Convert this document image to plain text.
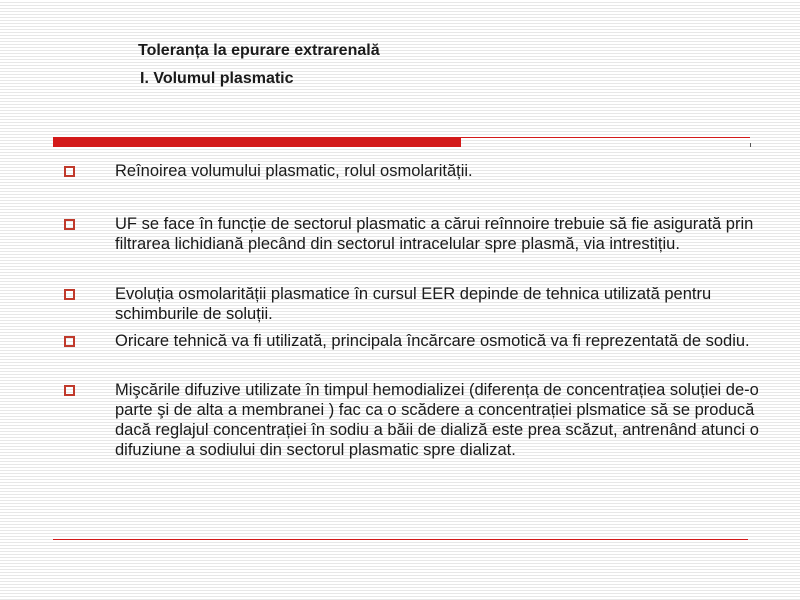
Toleranța la epurare extrarenală
I. Volumul plasmatic
Reînoirea volumului plasmatic, rolul osmolarității.
UF se face în funcție de sectorul plasmatic a cărui reînnoire trebuie să fie asigurată prin filtrarea lichidiană plecând din sectorul intracelular spre plasmă, via intrestițiu.
Evoluția osmolarității plasmatice în cursul EER depinde de tehnica utilizată pentru schimburile de soluții.
Oricare tehnică va fi utilizată, principala încărcare osmotică va fi reprezentată de sodiu.
Mişcările difuzive utilizate în timpul hemodializei (diferența de concentrațiea soluției de-o parte şi de alta a membranei ) fac ca o scădere a concentrației plsmatice să se producă dacă reglajul concentrației în sodiu a băii de dializă este prea scăzut, antrenând atunci o difuziune a sodiului din sectorul plasmatic spre dializat.
